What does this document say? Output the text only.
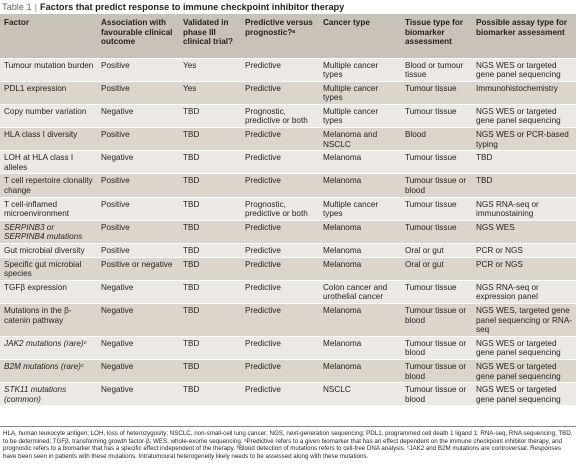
Table 1 | Factors that predict response to immune checkpoint inhibitor therapy
Factor	Association with favourable clinical outcome	Validated in phase III clinical trial?	Predictive versus prognostic?ᵃ	Cancer type	Tissue type for biomarker assessment	Possible assay type for biomarker assessment
Tumour mutation burden	Positive	Yes	Predictive	Multiple cancer types	Blood or tumour tissue	NGS WES or targeted gene panel sequencing
PDL1 expression	Positive	Yes	Predictive	Multiple cancer types	Tumour tissue	Immunohistochemistry
Copy number variation	Negative	TBD	Prognostic, predictive or both	Multiple cancer types	Tumour tissue	NGS WES or targeted gene panel sequencing
HLA class I diversity	Positive	TBD	Predictive	Melanoma and NSCLC	Blood	NGS WES or PCR-based typing
LOH at HLA class I alleles	Negative	TBD	Predictive	Melanoma	Tumour tissue	TBD
T cell repertoire clonality change	Positive	TBD	Predictive	Melanoma	Tumour tissue or blood	TBD
T cell-inflamed microenvironment	Positive	TBD	Prognostic, predictive or both	Multiple cancer types	Tumour tissue	NGS RNA-seq or immunostaining
SERPINB3 or SERPINB4 mutations	Positive	TBD	Predictive	Melanoma	Tumour tissue	NGS WES
Gut microbial diversity	Positive	TBD	Predictive	Melanoma	Oral or gut	PCR or NGS
Specific gut microbial species	Positive or negative	TBD	Predictive	Melanoma	Oral or gut	PCR or NGS
TGFβ expression	Negative	TBD	Predictive	Colon cancer and urothelial cancer	Tumour tissue	NGS RNA-seq or expression panel
Mutations in the β-catenin pathway	Negative	TBD	Predictive	Melanoma	Tumour tissue or blood	NGS WES, targeted gene panel sequencing or RNA-seq
JAK2 mutations (rare)ᶜ	Negative	TBD	Predictive	Melanoma	Tumour tissue or blood	NGS WES or targeted gene panel sequencing
B2M mutations (rare)ᶜ	Negative	TBD	Predictive	Melanoma	Tumour tissue or blood	NGS WES or targeted gene panel sequencing
STK11 mutations (common)	Negative	TBD	Predictive	NSCLC	Tumour tissue or blood	NGS WES or targeted gene panel sequencing
HLA, human leukocyte antigen; LOH, loss of heterozygosity; NSCLC, non-small-cell lung cancer; NGS, next-generation sequencing; PDL1, programmed cell death 1 ligand 1; RNA-seq, RNA sequencing; TBD, to be determined; TGFβ, transforming growth factor-β; WES, whole-exome sequencing. ᵃPredictive refers to a given biomarker that has an effect dependent on the immune checkpoint inhibitor therapy, and prognostic refers to a biomarker that has a specific effect independent of the therapy. ᵇBlood detection of mutations refers to cell-free DNA analysis. ᶜJAK2 and B2M mutations are controversial. Responses have been seen in patients with these mutations. Intratumoural heterogeneity likely needs to be assessed along with these mutations.
